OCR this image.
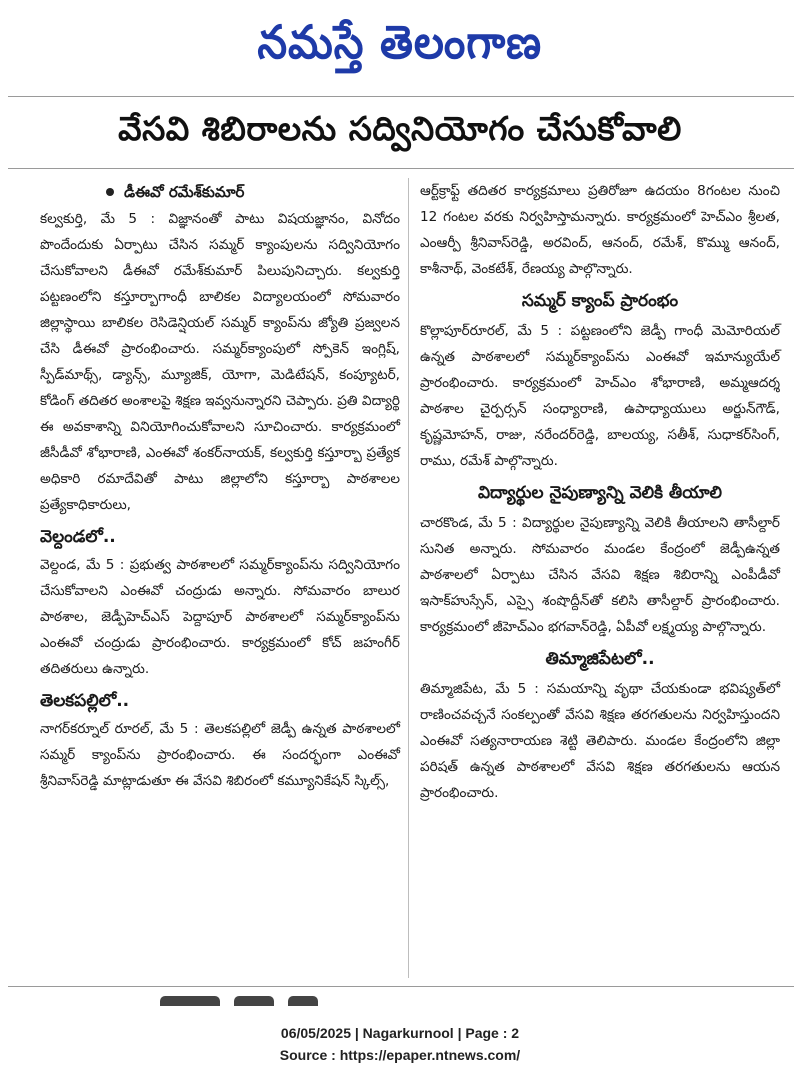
నమస్తే తెలంగాణ
వేసవి శిబిరాలను సద్వినియోగం చేసుకోవాలి
డీఈవో రమేశ్‌కుమార్

కల్వకుర్తి, మే 5 : విజ్ఞానంతో పాటు విషయజ్ఞానం, వినోదం పొందేందుకు ఏర్పాటు చేసిన సమ్మర్ క్యాంపులను సద్వినియోగం చేసుకోవాలని డీఈవో రమేశ్‌కుమార్ పిలుపునిచ్చారు. కల్వకుర్తి పట్టణంలోని కస్తూర్బాగాంధీ బాలికల విద్యాలయంలో సోమవారం జిల్లాస్థాయి బాలికల రెసిడెన్షియల్ సమ్మర్ క్యాంప్‌ను జ్యోతి ప్రజ్వలన చేసి డీఈవో ప్రారంభించారు. సమ్మర్‌క్యాంపులో స్పోకెన్ ఇంగ్లిష్, స్పీడ్‌మాథ్స్, డ్యాన్స్, మ్యూజిక్, యోగా, మెడిటేషన్, కంప్యూటర్, కోడింగ్ తదితర అంశాలపై శిక్షణ ఇవ్వనున్నారని చెప్పారు. ప్రతి విద్యార్థి ఈ అవకాశాన్ని వినియోగించుకోవాలని సూచించారు. కార్యక్రమంలో జీసీడీవో శోభారాణి, ఎంఈవో శంకర్‌నాయక్, కల్వకుర్తి కస్తూర్బా ప్రత్యేక అధికారి రమాదేవితో పాటు జిల్లాలోని కస్తూర్బా పాఠశాలల ప్రత్యేకాధికారులు,

వెల్దండలో..

వెల్దండ, మే 5 : ప్రభుత్వ పాఠశాలలో సమ్మర్‌క్యాంప్‌ను సద్వినియోగం చేసుకోవాలని ఎంఈవో చంద్రుడు అన్నారు. సోమవారం బాలుర పాఠశాల, జెడ్పీహెచ్‌ఎస్ పెద్దాపూర్ పాఠశాలలో సమ్మర్‌క్యాంప్‌ను ఎంఈవో చంద్రుడు ప్రారంభించారు. కార్యక్రమంలో కోచ్ జహంగీర్ తదితరులు ఉన్నారు.

తెలకపల్లిలో..

నాగర్‌కర్నూల్ రూరల్, మే 5 : తెలకపల్లిలో జెడ్పీ ఉన్నత పాఠశాలలో సమ్మర్ క్యాంప్‌ను ప్రారంభించారు. ఈ సందర్భంగా ఎంఈవో శ్రీనివాస్‌రెడ్డి మాట్లాడుతూ ఈ వేసవి శిబిరంలో కమ్యూనికేషన్ స్కిల్స్,

ఆర్ట్‌క్రాఫ్ట్ తదితర కార్యక్రమాలు ప్రతిరోజూ ఉదయం 8గంటల నుంచి 12 గంటల వరకు నిర్వహిస్తామన్నారు. కార్యక్రమంలో హెచ్‌ఎం శ్రీలత, ఎంఆర్పీ శ్రీనివాస్‌రెడ్డి, అరవింద్, ఆనంద్, రమేశ్, కొమ్ము ఆనంద్, కాశీనాథ్, వెంకటేశ్, రేణయ్య పాల్గొన్నారు.

సమ్మర్ క్యాంప్ ప్రారంభం

కొల్లాపూర్‌రూరల్, మే 5 : పట్టణంలోని జెడ్పీ గాంధీ మెమోరియల్ ఉన్నత పాఠశాలలో సమ్మర్‌క్యాంప్‌ను ఎంఈవో ఇమాన్యుయేల్ ప్రారంభించారు. కార్యక్రమంలో హెచ్‌ఎం శోభారాణి, అమ్మఆదర్శ పాఠశాల చైర్పర్సన్ సంధ్యారాణి, ఉపాధ్యాయులు అర్జున్‌గౌడ్, కృష్ణమోహన్, రాజు, నరేందర్‌రెడ్డి, బాలయ్య, సతీశ్, సుధాకర్‌సింగ్, రాము, రమేశ్ పాల్గొన్నారు.

విద్యార్థుల నైపుణ్యాన్ని వెలికి తీయాలి

చారకొండ, మే 5 : విద్యార్థుల నైపుణ్యాన్ని వెలికి తీయాలని తాసీల్దార్ సునిత అన్నారు. సోమవారం మండల కేంద్రంలో జెడ్పీఉన్నత పాఠశాలలో ఏర్పాటు చేసిన వేసవి శిక్షణ శిబిరాన్ని ఎంపీడీవో ఇసాక్‌హుస్సేన్, ఎస్సై శంషొద్దీన్‌తో కలిసి తాసీల్దార్ ప్రారంభించారు. కార్యక్రమంలో జీహెచ్‌ఎం భగవాన్‌రెడ్డి, ఏపీవో లక్ష్మయ్య పాల్గొన్నారు.

తిమ్మాజిపేటలో..

తిమ్మాజిపేట, మే 5 : సమయాన్ని వృథా చేయకుండా భవిష్యత్‌లో రాణించవచ్చనే సంకల్పంతో వేసవి శిక్షణ తరగతులను నిర్వహిస్తుందని ఎంఈవో సత్యనారాయణ శెట్టి తెలిపారు. మండల కేంద్రంలోని జిల్లా పరిషత్ ఉన్నత పాఠశాలలో వేసవి శిక్షణ తరగతులను ఆయన ప్రారంభించారు.

06/05/2025 | Nagarkurnool | Page : 2
Source : https://epaper.ntnews.com/
